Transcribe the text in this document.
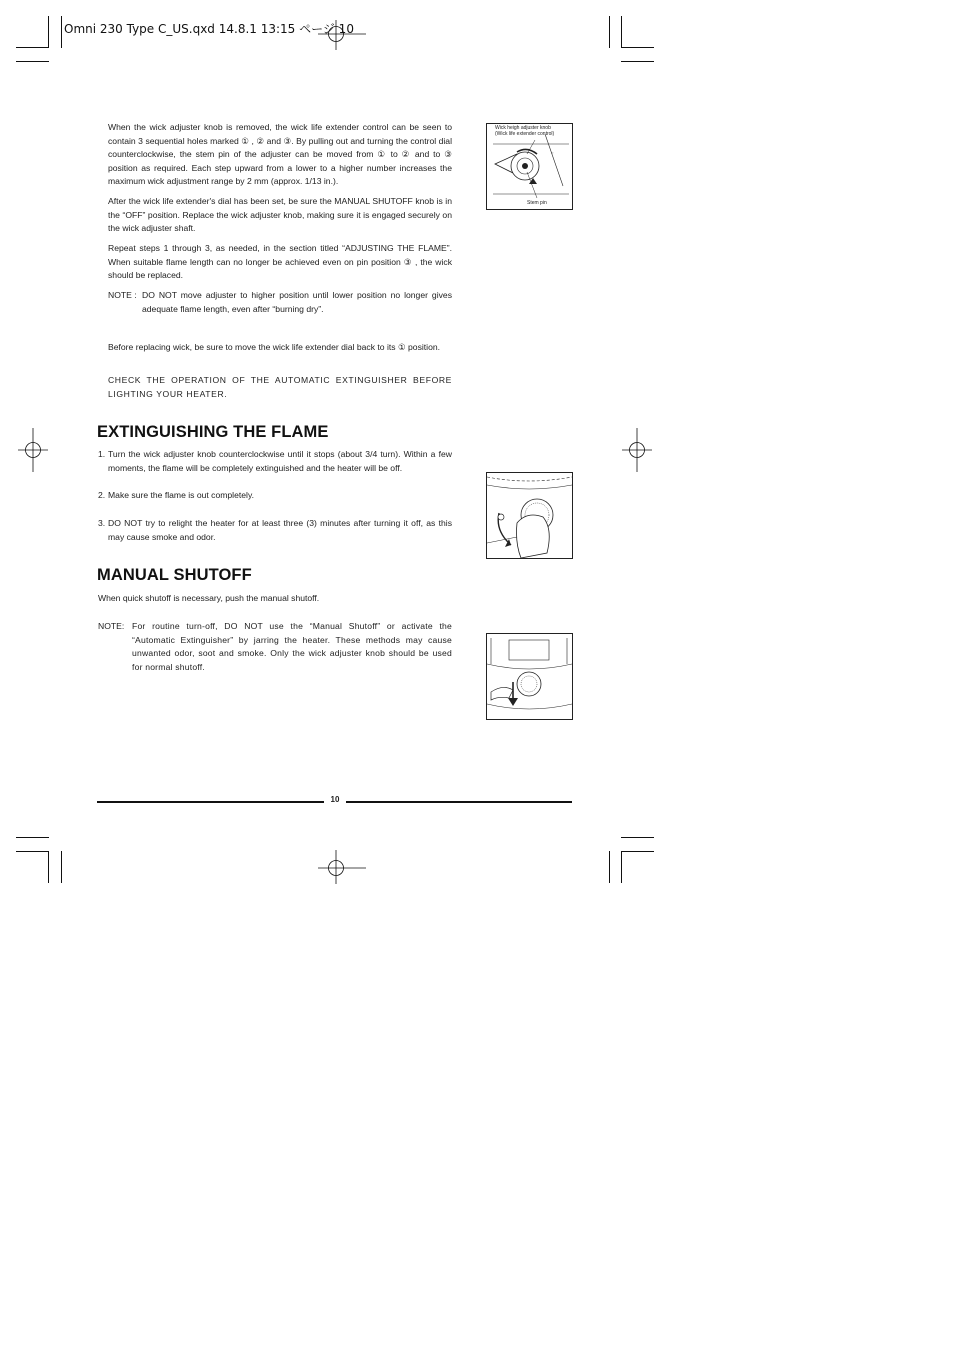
Omni 230 Type C_US.qxd 14.8.1 13:15 ページ 10
When the wick adjuster knob is removed, the wick life extender control can be seen to contain 3 sequential holes marked ① , ② and ③. By pulling out and turning the control dial counterclockwise, the stem pin of the adjuster can be moved from ① to ② and to ③ position as required. Each step upward from a lower to a higher number increases the maximum wick adjustment range by 2 mm (approx. 1/13 in.).
After the wick life extender's dial has been set, be sure the MANUAL SHUTOFF knob is in the “OFF” position. Replace the wick adjuster knob, making sure it is engaged securely on the wick adjuster shaft.
Repeat steps 1 through 3, as needed, in the section titled “ADJUSTING THE FLAME”. When suitable flame length can no longer be achieved even on pin position ③ , the wick should be replaced.
NOTE : DO NOT move adjuster to higher position until lower position no longer gives adequate flame length, even after “burning dry”.
Before replacing wick, be sure to move the wick life extender dial back to its ① position.
CHECK THE OPERATION OF THE AUTOMATIC EXTINGUISHER BEFORE LIGHTING YOUR HEATER.
Wick heigh adjuster knob
(Wick life extender control)
Stem pin
○
EXTINGUISHING THE FLAME
1. Turn the wick adjuster knob counterclockwise until it stops (about 3/4 turn). Within a few moments, the flame will be completely extinguished and the heater will be off.
2. Make sure the flame is out completely.
3. DO NOT try to relight the heater for at least three (3) minutes after turning it off, as this may cause smoke and odor.
MANUAL SHUTOFF
When quick shutoff is necessary, push the manual shutoff.
NOTE: For routine turn-off, DO NOT use the “Manual Shutoff” or activate the “Automatic Extinguisher” by jarring the heater. These methods may cause unwanted odor, soot and smoke. Only the wick adjuster knob should be used for normal shutoff.
10
